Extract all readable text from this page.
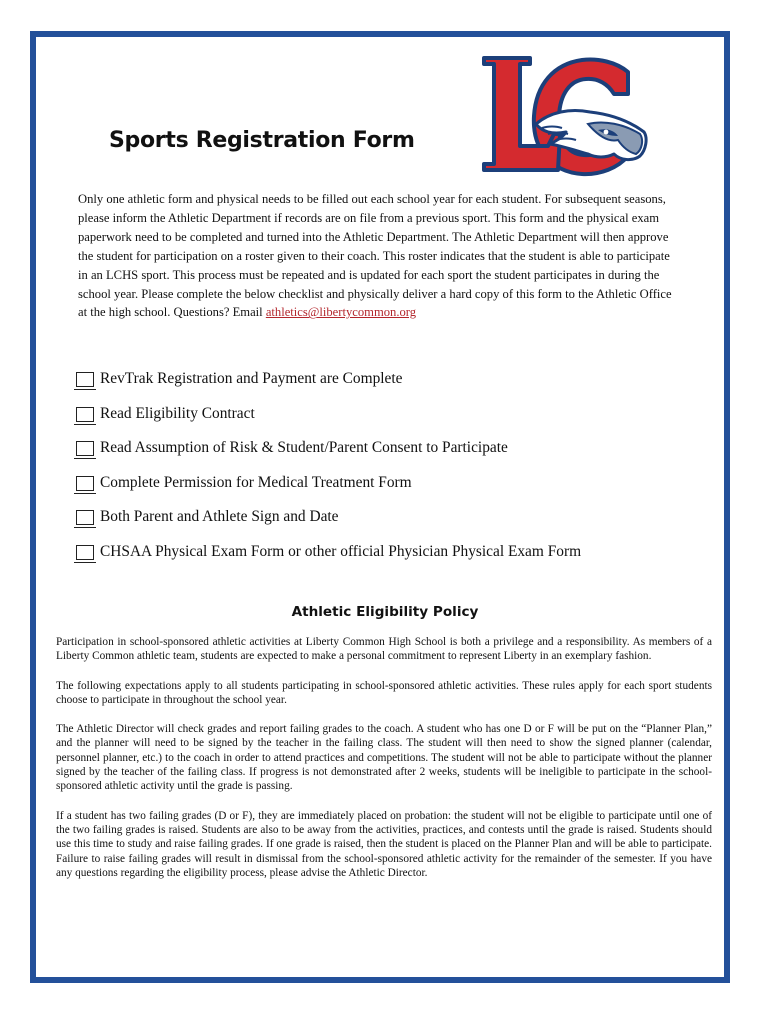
Sports Registration Form
Only one athletic form and physical needs to be filled out each school year for each student. For subsequent seasons, please inform the Athletic Department if records are on file from a previous sport. This form and the physical exam paperwork need to be completed and turned into the Athletic Department. The Athletic Department will then approve the student for participation on a roster given to their coach. This roster indicates that the student is able to participate in an LCHS sport. This process must be repeated and is updated for each sport the student participates in during the school year. Please complete the below checklist and physically deliver a hard copy of this form to the Athletic Office at the high school. Questions? Email athletics@libertycommon.org
RevTrak Registration and Payment are Complete
Read Eligibility Contract
Read Assumption of Risk & Student/Parent Consent to Participate
Complete Permission for Medical Treatment Form
Both Parent and Athlete Sign and Date
CHSAA Physical Exam Form or other official Physician Physical Exam Form
Athletic Eligibility Policy

Participation in school-sponsored athletic activities at Liberty Common High School is both a privilege and a responsibility. As members of a Liberty Common athletic team, students are expected to make a personal commitment to represent Liberty in an exemplary fashion.

The following expectations apply to all students participating in school-sponsored athletic activities. These rules apply for each sport students choose to participate in throughout the school year.

The Athletic Director will check grades and report failing grades to the coach. A student who has one D or F will be put on the “Planner Plan,” and the planner will need to be signed by the teacher in the failing class. The student will then need to show the signed planner (calendar, personnel planner, etc.) to the coach in order to attend practices and competitions. The student will not be able to participate without the planner signed by the teacher of the failing class. If progress is not demonstrated after 2 weeks, students will be ineligible to participate in the school-sponsored athletic activity until the grade is passing.

If a student has two failing grades (D or F), they are immediately placed on probation: the student will not be eligible to participate until one of the two failing grades is raised. Students are also to be away from the activities, practices, and contests until the grade is raised. Students should use this time to study and raise failing grades. If one grade is raised, then the student is placed on the Planner Plan and will be able to participate. Failure to raise failing grades will result in dismissal from the school-sponsored athletic activity for the remainder of the semester. If you have any questions regarding the eligibility process, please advise the Athletic Director.
